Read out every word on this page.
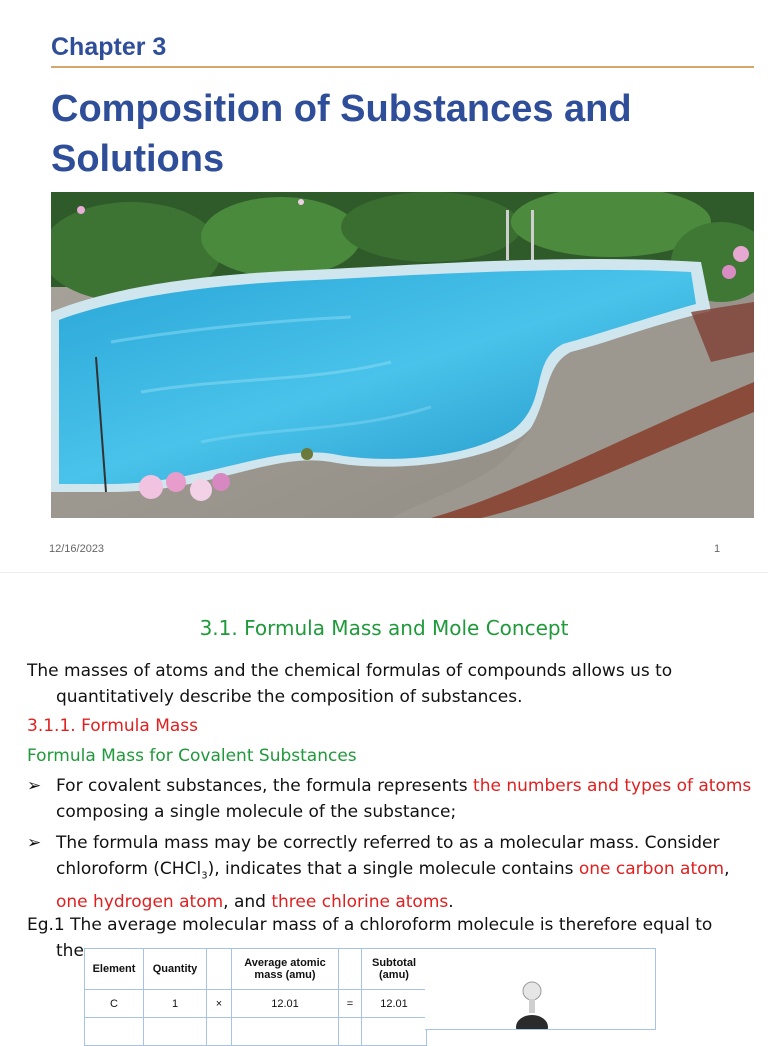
Chapter 3
Composition of Substances and Solutions
12/16/2023	1
3.1. Formula Mass and Mole Concept
The masses of atoms and the chemical formulas of compounds allows us to quantitatively describe the composition of substances.
3.1.1. Formula Mass
Formula Mass for Covalent Substances
➢ For covalent substances, the formula represents the numbers and types of atoms composing a single molecule of the substance;
➢ The formula mass may be correctly referred to as a molecular mass. Consider chloroform (CHCl$_3$), indicates that a single molecule contains one carbon atom, one hydrogen atom, and three chlorine atoms.
Eg.1 The average molecular mass of a chloroform molecule is therefore equal to
the
Element	Quantity		Average atomic mass (amu)		Subtotal (amu)
C	1	×	12.01	=	12.01
